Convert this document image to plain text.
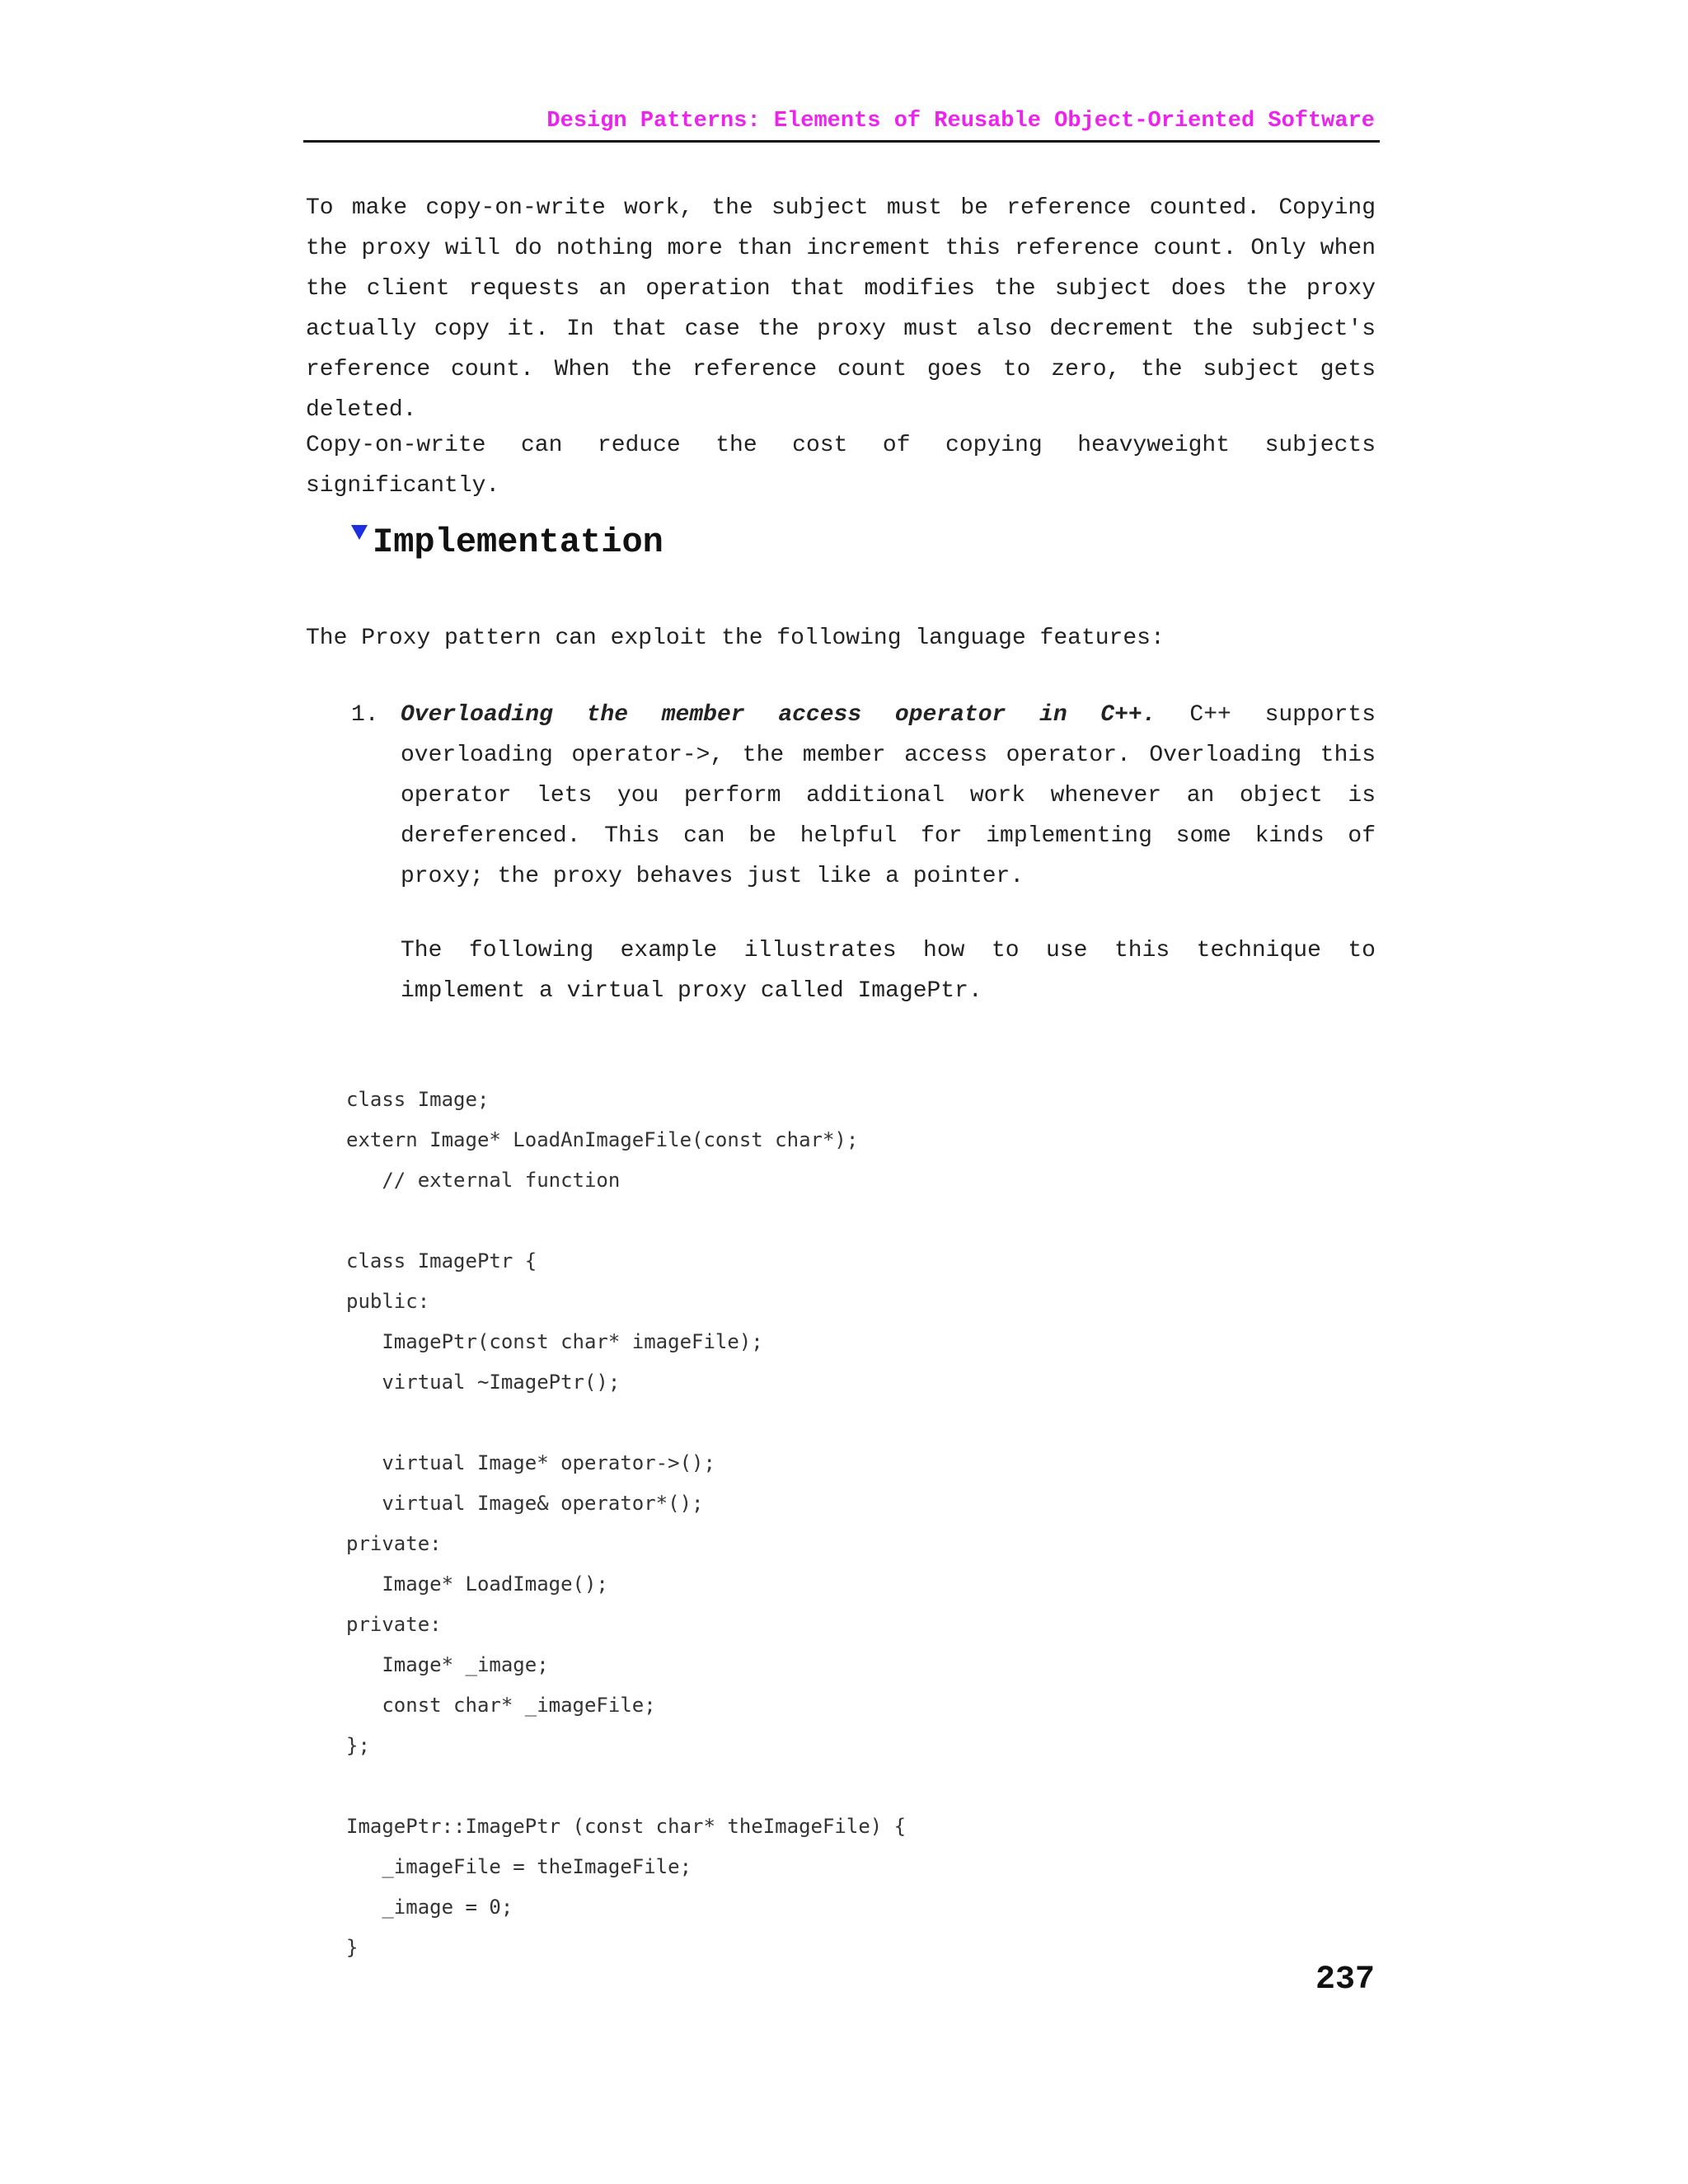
Design Patterns: Elements of Reusable Object-Oriented Software
To make copy-on-write work, the subject must be reference counted. Copying the proxy will do nothing more than increment this reference count. Only when the client requests an operation that modifies the subject does the proxy actually copy it. In that case the proxy must also decrement the subject's reference count. When the reference count goes to zero, the subject gets deleted.
Copy-on-write can reduce the cost of copying heavyweight subjects significantly.
Implementation
The Proxy pattern can exploit the following language features:
1. Overloading the member access operator in C++. C++ supports overloading operator->, the member access operator. Overloading this operator lets you perform additional work whenever an object is dereferenced. This can be helpful for implementing some kinds of proxy; the proxy behaves just like a pointer.
The following example illustrates how to use this technique to implement a virtual proxy called ImagePtr.
class Image;
extern Image* LoadAnImageFile(const char*);
// external function
class ImagePtr {
public:
ImagePtr(const char* imageFile);
virtual ~ImagePtr();
virtual Image* operator->();
virtual Image& operator*();
private:
Image* LoadImage();
private:
Image* _image;
const char* _imageFile;
};
ImagePtr::ImagePtr (const char* theImageFile) {
_imageFile = theImageFile;
_image = 0;
}
237
